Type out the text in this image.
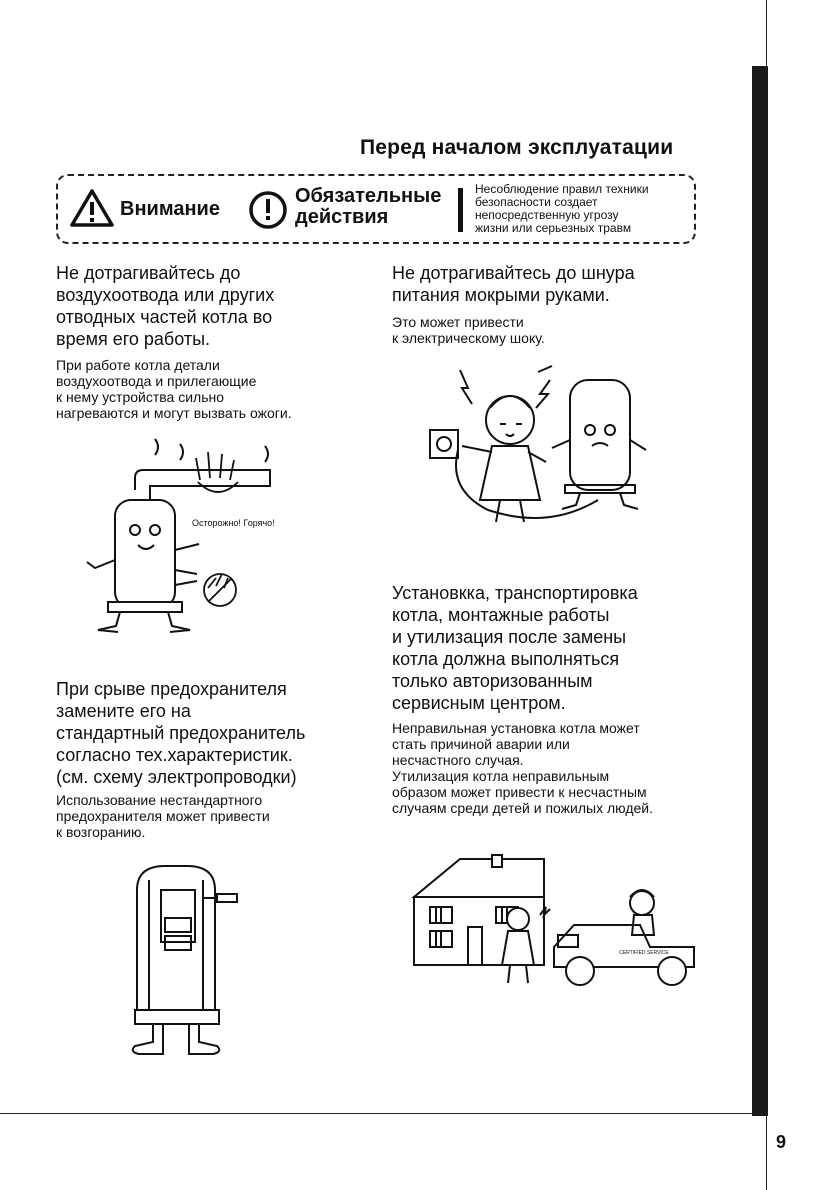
9
Перед началом эксплуатации
Внимание
Обязательные
действия
Несоблюдение правил техники
безопасности создает
непосредственную угрозу
жизни или серьезных травм
Не дотрагивайтесь до
воздухоотвода или других
отводных частей котла во
время его работы.
При работе котла детали
воздухоотвода и прилегающие
к нему устройства сильно
нагреваются и могут вызвать ожоги.
Осторожно! Горячо!
Не дотрагивайтесь до шнура
питания мокрыми руками.
Это может привести
к электрическому шоку.
Установкка, транспортировка
котла, монтажные работы
и утилизация после замены
котла должна выполняться
только авторизованным
сервисным центром.
Неправильная установка котла может
стать причиной аварии или
несчастного случая.
Утилизация котла неправильным
образом может привести к несчастным
случаям среди детей и пожилых людей.
CERTIFIED SERVICE
При срыве предохранителя
замените его на
стандартный предохранитель
согласно тех.характеристик.
(см. схему электропроводки)
Использование нестандартного
предохранителя может привести
к возгоранию.
